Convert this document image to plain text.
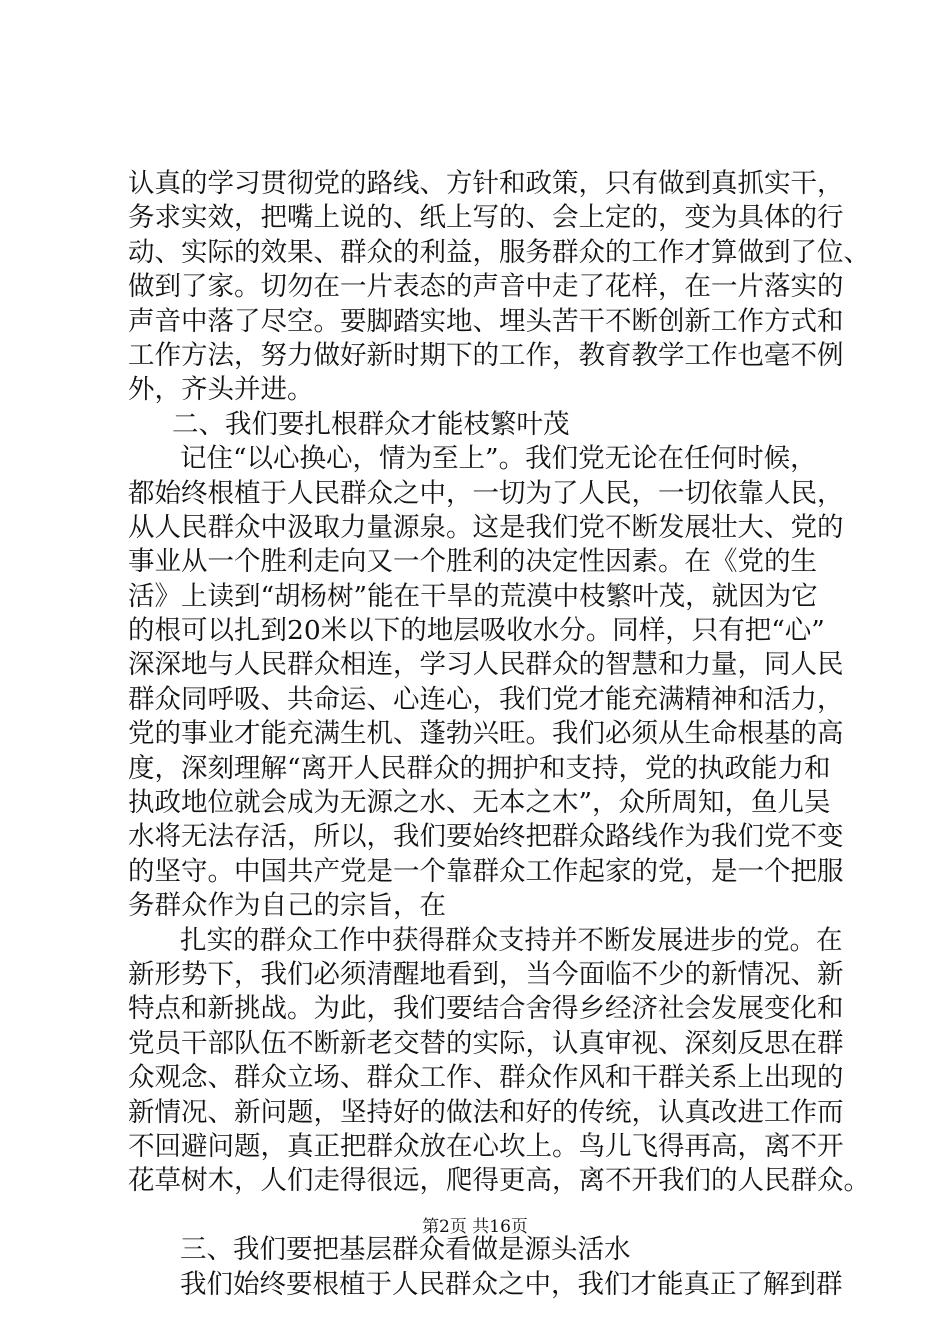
认真的学习贯彻党的路线、方针和政策，只有做到真抓实干，
务求实效，把嘴上说的、纸上写的、会上定的，变为具体的行
动、实际的效果、群众的利益，服务群众的工作才算做到了位、
做到了家。切勿在一片表态的声音中走了花样，在一片落实的
声音中落了尽空。要脚踏实地、埋头苦干不断创新工作方式和
工作方法，努力做好新时期下的工作，教育教学工作也毫不例
外，齐头并进。
二、我们要扎根群众才能枝繁叶茂
记住“以心换心，情为至上”。我们党无论在任何时候，
都始终根植于人民群众之中，一切为了人民，一切依靠人民，
从人民群众中汲取力量源泉。这是我们党不断发展壮大、党的
事业从一个胜利走向又一个胜利的决定性因素。在《党的生
活》上读到“胡杨树”能在干旱的荒漠中枝繁叶茂，就因为它
的根可以扎到20米以下的地层吸收水分。同样，只有把“心”
深深地与人民群众相连，学习人民群众的智慧和力量，同人民
群众同呼吸、共命运、心连心，我们党才能充满精神和活力，
党的事业才能充满生机、蓬勃兴旺。我们必须从生命根基的高
度，深刻理解“离开人民群众的拥护和支持，党的执政能力和
执政地位就会成为无源之水、无本之木”，众所周知，鱼儿吴
水将无法存活，所以，我们要始终把群众路线作为我们党不变
的坚守。中国共产党是一个靠群众工作起家的党，是一个把服
务群众作为自己的宗旨，在
扎实的群众工作中获得群众支持并不断发展进步的党。在
新形势下，我们必须清醒地看到，当今面临不少的新情况、新
特点和新挑战。为此，我们要结合舍得乡经济社会发展变化和
党员干部队伍不断新老交替的实际，认真审视、深刻反思在群
众观念、群众立场、群众工作、群众作风和干群关系上出现的
新情况、新问题，坚持好的做法和好的传统，认真改进工作而
不回避问题，真正把群众放在心坎上。鸟儿飞得再高，离不开
花草树木，人们走得很远，爬得更高，离不开我们的人民群众。
三、我们要把基层群众看做是源头活水
我们始终要根植于人民群众之中，我们才能真正了解到群
第2页 共16页
